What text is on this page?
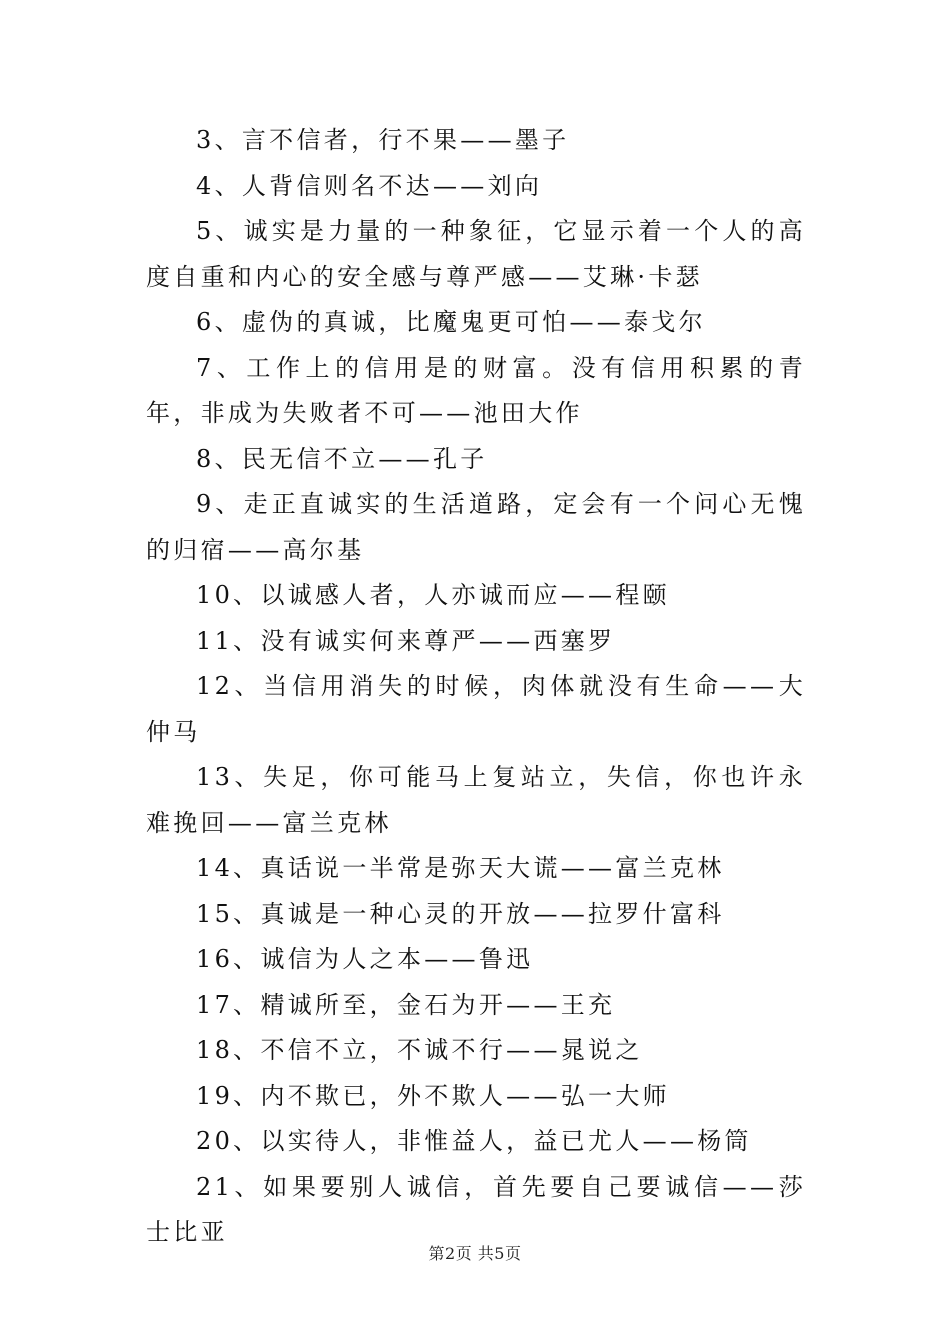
3、言不信者，行不果——墨子

4、人背信则名不达——刘向

5、诚实是力量的一种象征，它显示着一个人的高度自重和内心的安全感与尊严感——艾琳·卡瑟

6、虚伪的真诚，比魔鬼更可怕——泰戈尔

7、工作上的信用是的财富。没有信用积累的青年，非成为失败者不可——池田大作

8、民无信不立——孔子

9、走正直诚实的生活道路，定会有一个问心无愧的归宿——高尔基

10、以诚感人者，人亦诚而应——程颐

11、没有诚实何来尊严——西塞罗

12、当信用消失的时候，肉体就没有生命——大仲马

13、失足，你可能马上复站立，失信，你也许永难挽回——富兰克林

14、真话说一半常是弥天大谎——富兰克林

15、真诚是一种心灵的开放——拉罗什富科

16、诚信为人之本——鲁迅

17、精诚所至，金石为开——王充

18、不信不立，不诚不行——晁说之

19、内不欺已，外不欺人——弘一大师

20、以实待人，非惟益人，益已尤人——杨筒

21、如果要别人诚信，首先要自己要诚信——莎士比亚

第2页 共5页
